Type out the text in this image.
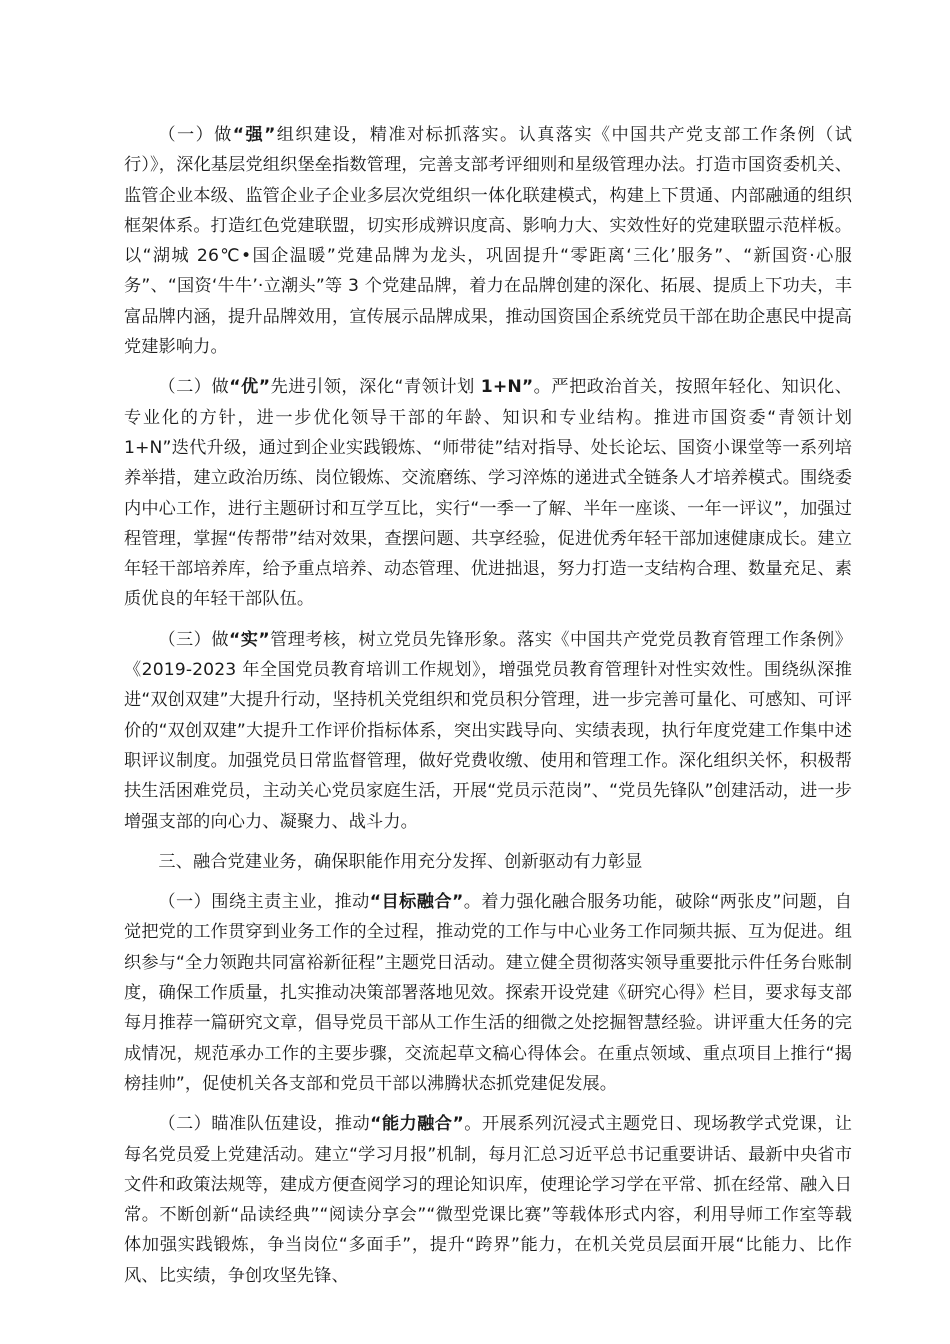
（一）做“强”组织建设，精准对标抓落实。认真落实《中国共产党支部工作条例（试行）》，深化基层党组织堡垒指数管理，完善支部考评细则和星级管理办法。打造市国资委机关、监管企业本级、监管企业子企业多层次党组织一体化联建模式，构建上下贯通、内部融通的组织框架体系。打造红色党建联盟，切实形成辨识度高、影响力大、实效性好的党建联盟示范样板。以“湖城 26℃•国企温暖”党建品牌为龙头，巩固提升“零距离‘三化’服务”、“新国资·心服务”、“国资‘牛牛’·立潮头”等 3 个党建品牌，着力在品牌创建的深化、拓展、提质上下功夫，丰富品牌内涵，提升品牌效用，宣传展示品牌成果，推动国资国企系统党员干部在助企惠民中提高党建影响力。

（二）做“优”先进引领，深化“青领计划 1+N”。严把政治首关，按照年轻化、知识化、专业化的方针，进一步优化领导干部的年龄、知识和专业结构。推进市国资委“青领计划 1+N”迭代升级，通过到企业实践锻炼、“师带徒”结对指导、处长论坛、国资小课堂等一系列培养举措，建立政治历练、岗位锻炼、交流磨练、学习淬炼的递进式全链条人才培养模式。围绕委内中心工作，进行主题研讨和互学互比，实行“一季一了解、半年一座谈、一年一评议”，加强过程管理，掌握“传帮带”结对效果，查摆问题、共享经验，促进优秀年轻干部加速健康成长。建立年轻干部培养库，给予重点培养、动态管理、优进拙退，努力打造一支结构合理、数量充足、素质优良的年轻干部队伍。

（三）做“实”管理考核，树立党员先锋形象。落实《中国共产党党员教育管理工作条例》《2019-2023 年全国党员教育培训工作规划》，增强党员教育管理针对性实效性。围绕纵深推进“双创双建”大提升行动，坚持机关党组织和党员积分管理，进一步完善可量化、可感知、可评价的“双创双建”大提升工作评价指标体系，突出实践导向、实绩表现，执行年度党建工作集中述职评议制度。加强党员日常监督管理，做好党费收缴、使用和管理工作。深化组织关怀，积极帮扶生活困难党员，主动关心党员家庭生活，开展“党员示范岗”、“党员先锋队”创建活动，进一步增强支部的向心力、凝聚力、战斗力。

三、融合党建业务，确保职能作用充分发挥、创新驱动有力彰显

（一）围绕主责主业，推动“目标融合”。着力强化融合服务功能，破除“两张皮”问题，自觉把党的工作贯穿到业务工作的全过程，推动党的工作与中心业务工作同频共振、互为促进。组织参与“全力领跑共同富裕新征程”主题党日活动。建立健全贯彻落实领导重要批示件任务台账制度，确保工作质量，扎实推动决策部署落地见效。探索开设党建《研究心得》栏目，要求每支部每月推荐一篇研究文章，倡导党员干部从工作生活的细微之处挖掘智慧经验。讲评重大任务的完成情况，规范承办工作的主要步骤，交流起草文稿心得体会。在重点领域、重点项目上推行“揭榜挂帅”，促使机关各支部和党员干部以沸腾状态抓党建促发展。

（二）瞄准队伍建设，推动“能力融合”。开展系列沉浸式主题党日、现场教学式党课，让每名党员爱上党建活动。建立“学习月报”机制，每月汇总习近平总书记重要讲话、最新中央省市文件和政策法规等，建成方便查阅学习的理论知识库，使理论学习学在平常、抓在经常、融入日常。不断创新“品读经典”“阅读分享会”“微型党课比赛”等载体形式内容，利用导师工作室等载体加强实践锻炼，争当岗位“多面手”，提升“跨界”能力，在机关党员层面开展“比能力、比作风、比实绩，争创攻坚先锋、
